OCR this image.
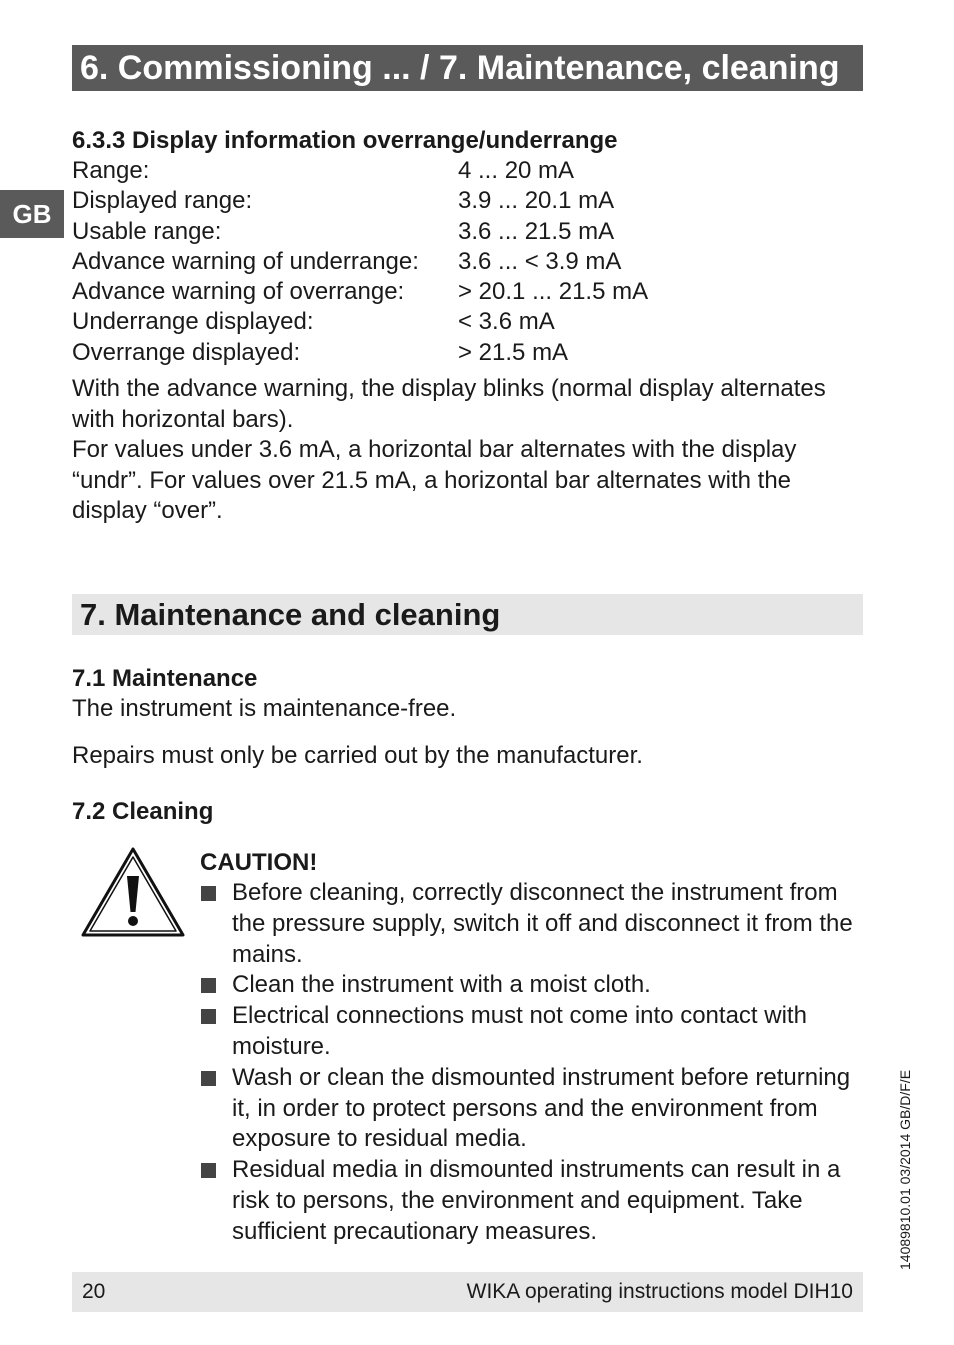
6. Commissioning ... / 7. Maintenance, cleaning
GB
6.3.3 Display information overrange/underrange
Range:	4 ... 20 mA
Displayed range:	3.9 ... 20.1 mA
Usable range:	3.6 ... 21.5 mA
Advance warning of underrange:	3.6 ... < 3.9 mA
Advance warning of overrange:	> 20.1 ... 21.5 mA
Underrange displayed:	< 3.6 mA
Overrange displayed:	> 21.5 mA
With the advance warning, the display blinks (normal display alternates with horizontal bars).
For values under 3.6 mA, a horizontal bar alternates with the display “undr”. For values over 21.5 mA, a horizontal bar alternates with the display “over”.
7. Maintenance and cleaning
7.1 Maintenance
The instrument is maintenance-free.
Repairs must only be carried out by the manufacturer.
7.2 Cleaning
CAUTION!
Before cleaning, correctly disconnect the instrument from the pressure supply, switch it off and disconnect it from the mains.
Clean the instrument with a moist cloth.
Electrical connections must not come into contact with moisture.
Wash or clean the dismounted instrument before returning it, in order to protect persons and the environment from exposure to residual media.
Residual media in dismounted instruments can result in a risk to persons, the environment and equipment. Take sufficient precautionary measures.	14089810.01 03/2014 GB/D/F/E
20	WIKA operating instructions model DIH10
